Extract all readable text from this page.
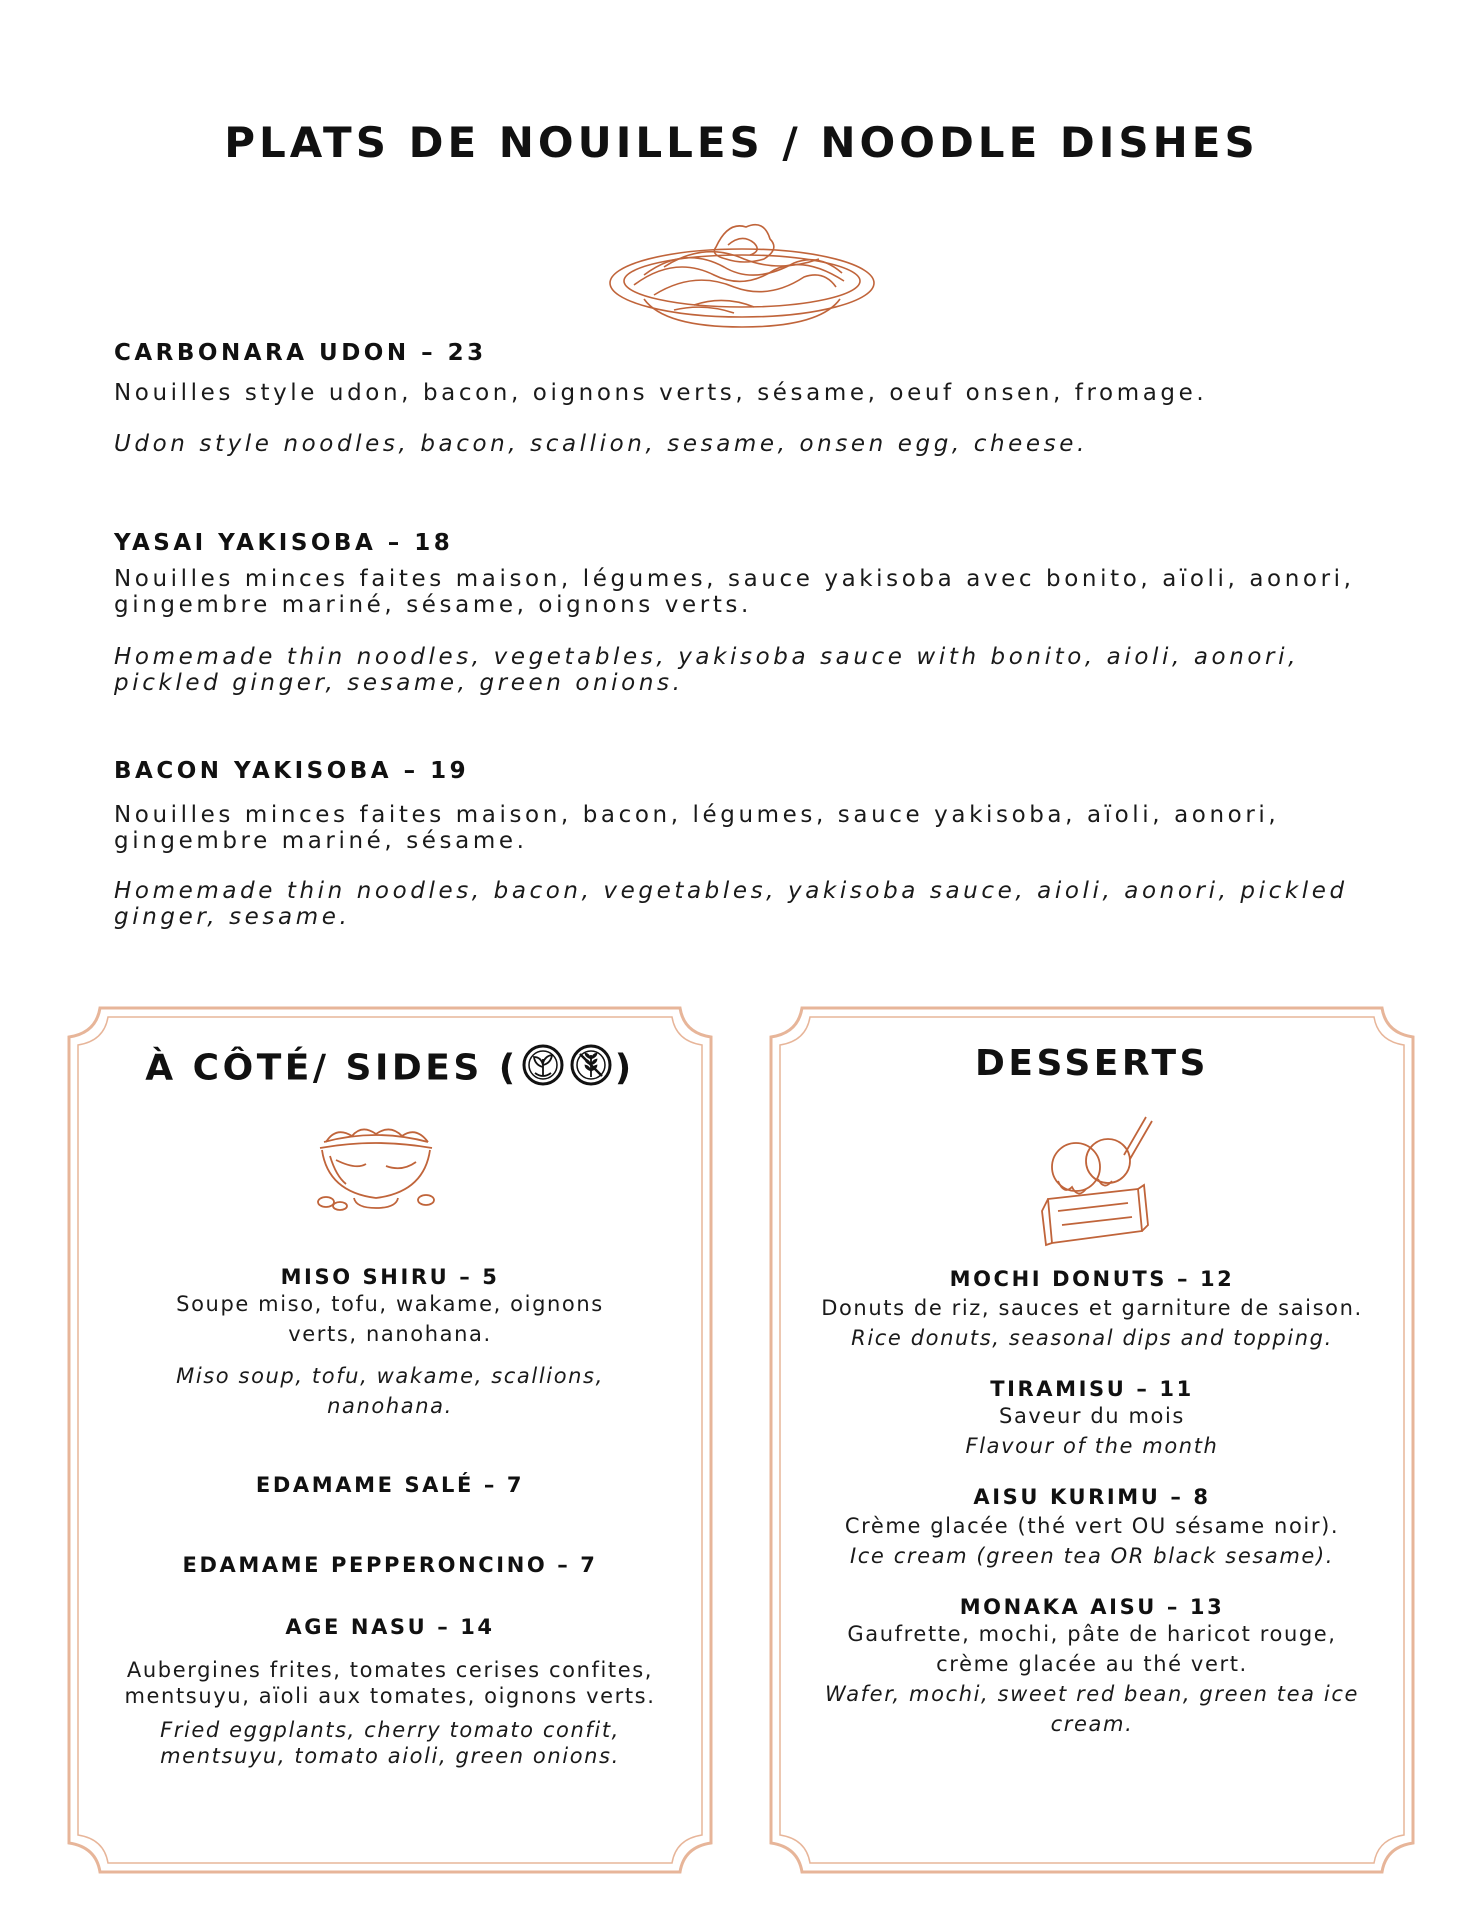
PLATS DE NOUILLES / NOODLE DISHES

CARBONARA UDON – 23

Nouilles style udon, bacon, oignons verts, sésame, oeuf onsen, fromage.

Udon style noodles, bacon, scallion, sesame, onsen egg, cheese.

YASAI YAKISOBA – 18

Nouilles minces faites maison, légumes, sauce yakisoba avec bonito, aïoli, aonori, gingembre mariné, sésame, oignons verts.

Homemade thin noodles, vegetables, yakisoba sauce with bonito, aioli, aonori, pickled ginger, sesame, green onions.

BACON YAKISOBA – 19

Nouilles minces faites maison, bacon, légumes, sauce yakisoba, aïoli, aonori, gingembre mariné, sésame.

Homemade thin noodles, bacon, vegetables, yakisoba sauce, aioli, aonori, pickled ginger, sesame.

À CÔTÉ/ SIDES (	)

MISO SHIRU – 5

Soupe miso, tofu, wakame, oignons verts, nanohana.

Miso soup, tofu, wakame, scallions, nanohana.

EDAMAME SALÉ – 7

EDAMAME PEPPERONCINO – 7

AGE NASU – 14

Aubergines frites, tomates cerises confites, mentsuyu, aïoli aux tomates, oignons verts.

Fried eggplants, cherry tomato confit, mentsuyu, tomato aioli, green onions.

DESSERTS

MOCHI DONUTS – 12

Donuts de riz, sauces et garniture de saison.

Rice donuts, seasonal dips and topping.

TIRAMISU – 11

Saveur du mois

Flavour of the month

AISU KURIMU – 8

Crème glacée (thé vert OU sésame noir).

Ice cream (green tea OR black sesame).

MONAKA AISU – 13

Gaufrette, mochi, pâte de haricot rouge, crème glacée au thé vert.

Wafer, mochi, sweet red bean, green tea ice cream.
